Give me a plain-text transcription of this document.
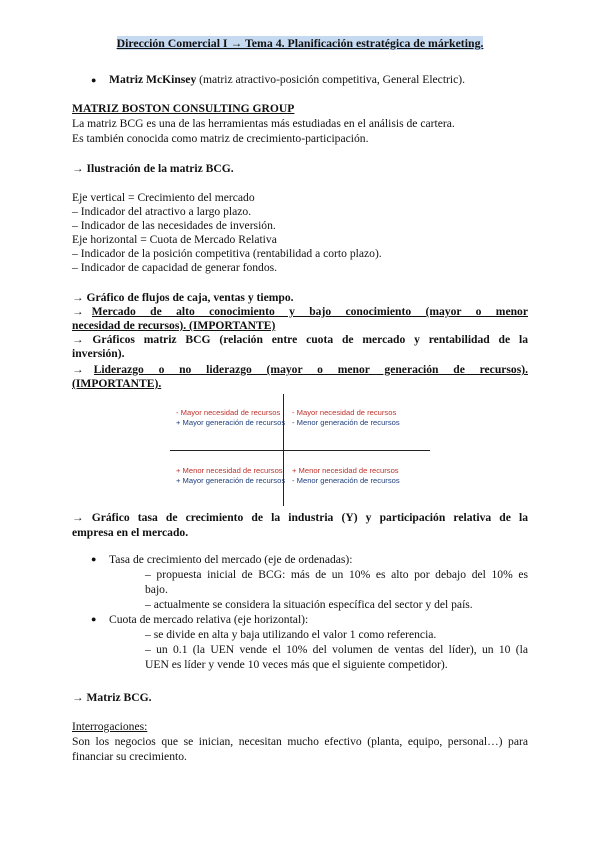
Dirección Comercial I → Tema 4. Planificación estratégica de márketing.
● Matriz McKinsey (matriz atractivo-posición competitiva, General Electric).
MATRIZ BOSTON CONSULTING GROUP
La matriz BCG es una de las herramientas más estudiadas en el análisis de cartera.
Es también conocida como matriz de crecimiento-participación.
→ Ilustración de la matriz BCG.
Eje vertical = Crecimiento del mercado
– Indicador del atractivo a largo plazo.
– Indicador de las necesidades de inversión.
Eje horizontal = Cuota de Mercado Relativa
– Indicador de la posición competitiva (rentabilidad a corto plazo).
– Indicador de capacidad de generar fondos.
→ Gráfico de flujos de caja, ventas y tiempo.
→ Mercado de alto conocimiento y bajo conocimiento (mayor o menor
necesidad de recursos). (IMPORTANTE)
→ Gráficos matriz BCG (relación entre cuota de mercado y rentabilidad de la
inversión).
→ Liderazgo o no liderazgo (mayor o menor generación de recursos).
(IMPORTANTE).
- Mayor necesidad de recursos
+ Mayor generación de recursos
- Mayor necesidad de recursos
- Menor generación de recursos
+ Menor necesidad de recursos
+ Mayor generación de recursos
+ Menor necesidad de recursos
- Menor generación de recursos
→ Gráfico tasa de crecimiento de la industria (Y) y participación relativa de la
empresa en el mercado.
● Tasa de crecimiento del mercado (eje de ordenadas):
– propuesta inicial de BCG: más de un 10% es alto por debajo del 10% es
bajo.
– actualmente se considera la situación específica del sector y del país.
● Cuota de mercado relativa (eje horizontal):
– se divide en alta y baja utilizando el valor 1 como referencia.
– un 0.1 (la UEN vende el 10% del volumen de ventas del líder), un 10 (la
UEN es líder y vende 10 veces más que el siguiente competidor).
→ Matriz BCG.
Interrogaciones:
Son los negocios que se inician, necesitan mucho efectivo (planta, equipo, personal…) para
financiar su crecimiento.
